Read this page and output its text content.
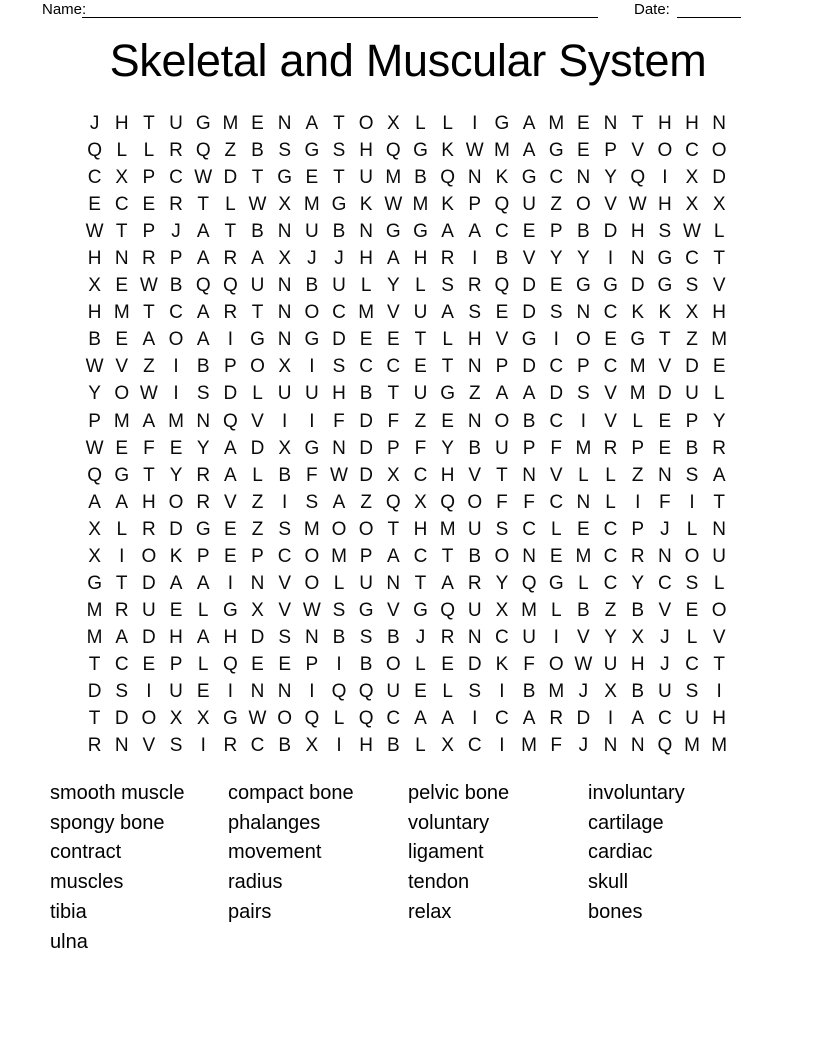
Name:	Date:
Skeletal and Muscular System
J H T U G M E N A T O X L L	I G A M E N T H H N
Q L L R Q Z B S G S H Q G K W M A G E P V O C O
C X P C W D T G E T U M B Q N K G C N Y Q I X D
E C E R T L W X M G K W M K P Q U Z O V W H X X
W T P J A T B N U B N G G A A C E P B D H S W L
H N R P A R A X J J H A H R I B V Y Y I N G C T
X E W B Q Q U N B U L Y L S R Q D E G G D G S V
H M T C A R T N O C M V U A S E D S N C K K X H
B E A O A I G N G D E E T L H V G I O E G T Z M
W V Z I B P O X I S C C E T N P D C P C M V D E
Y O W I S D L U U H B T U G Z A A D S V M D U L
P M A M N Q V I	I F D F Z E N O B C I V L E P Y
W E F E Y A D X G N D P F Y B U P F M R P E B R
Q G T Y R A L B F W D X C H V T N V L L Z N S A
A A H O R V Z I S A Z Q X Q O F F C N L	I F I T
X L R D G E Z S M O O T H M U S C L E C P J L N
X I O K P E P C O M P A C T B O N E M C R N O U
G T D A A I N V O L U N T A R Y Q G L C Y C S L
M R U E L G X V W S G V G Q U X M L B Z B V E O
M A D H A H D S N B S B J R N C U I V Y X J L V
T C E P L Q E E P I B O L E D K F O W U H J C T
D S I U E I N N I Q Q U E L S I B M J X B U S I
T D O X X G W O Q L Q C A A I C A R D I A C U H
R N V S I R C B X I H B L X C I M F J N N Q M M
smooth muscle
spongy bone
contract
muscles
tibia
ulna
compact bone
phalanges
movement
radius
pairs
pelvic bone
voluntary
ligament
tendon
relax
involuntary
cartilage
cardiac
skull
bones
